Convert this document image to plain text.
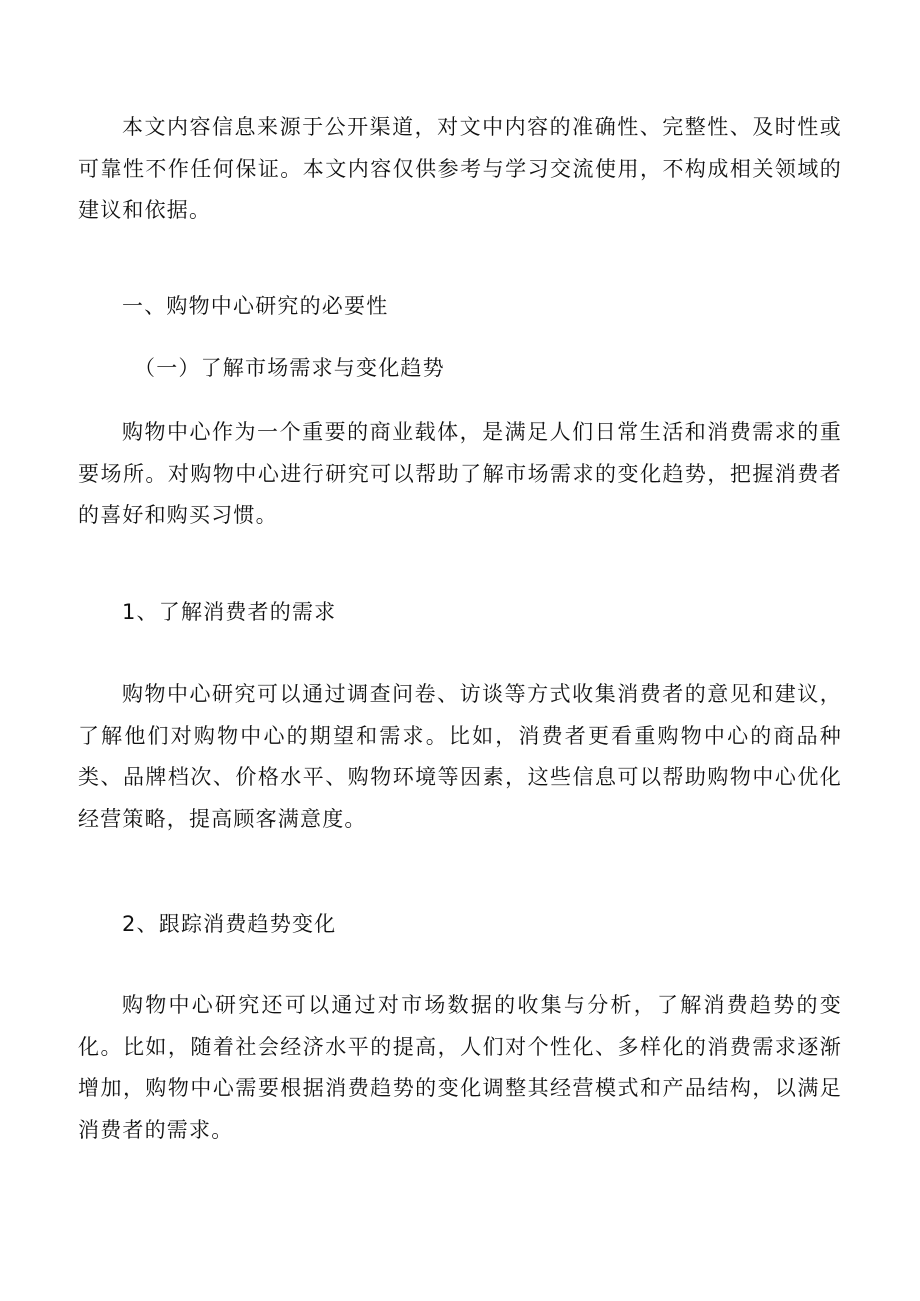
本文内容信息来源于公开渠道，对文中内容的准确性、完整性、及时性或可靠性不作任何保证。本文内容仅供参考与学习交流使用，不构成相关领域的建议和依据。

一、购物中心研究的必要性
（一）了解市场需求与变化趋势

购物中心作为一个重要的商业载体，是满足人们日常生活和消费需求的重要场所。对购物中心进行研究可以帮助了解市场需求的变化趋势，把握消费者的喜好和购买习惯。

1、了解消费者的需求

购物中心研究可以通过调查问卷、访谈等方式收集消费者的意见和建议，了解他们对购物中心的期望和需求。比如，消费者更看重购物中心的商品种类、品牌档次、价格水平、购物环境等因素，这些信息可以帮助购物中心优化经营策略，提高顾客满意度。

2、跟踪消费趋势变化

购物中心研究还可以通过对市场数据的收集与分析，了解消费趋势的变化。比如，随着社会经济水平的提高，人们对个性化、多样化的消费需求逐渐增加，购物中心需要根据消费趋势的变化调整其经营模式和产品结构，以满足消费者的需求。
